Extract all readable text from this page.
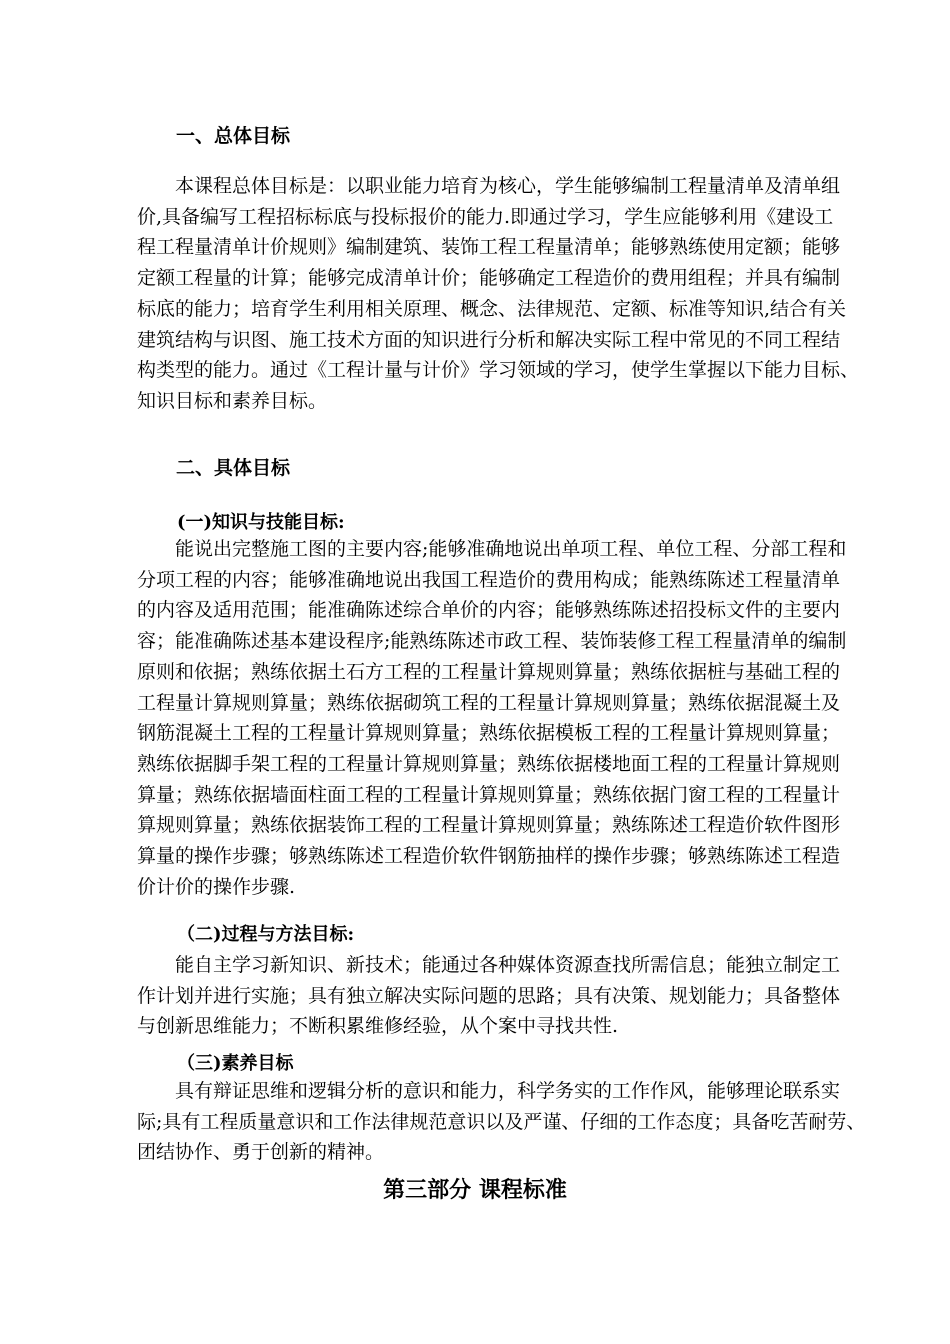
一、总体目标
本课程总体目标是：以职业能力培育为核心，学生能够编制工程量清单及清单组
价,具备编写工程招标标底与投标报价的能力.即通过学习，学生应能够利用《建设工
程工程量清单计价规则》编制建筑、装饰工程工程量清单；能够熟练使用定额；能够
定额工程量的计算；能够完成清单计价；能够确定工程造价的费用组程；并具有编制
标底的能力；培育学生利用相关原理、概念、法律规范、定额、标准等知识,结合有关
建筑结构与识图、施工技术方面的知识进行分析和解决实际工程中常见的不同工程结
构类型的能力。通过《工程计量与计价》学习领域的学习，使学生掌握以下能力目标、
知识目标和素养目标。
二、具体目标
(一)知识与技能目标:
能说出完整施工图的主要内容;能够准确地说出单项工程、单位工程、分部工程和
分项工程的内容；能够准确地说出我国工程造价的费用构成；能熟练陈述工程量清单
的内容及适用范围；能准确陈述综合单价的内容；能够熟练陈述招投标文件的主要内
容；能准确陈述基本建设程序;能熟练陈述市政工程、装饰装修工程工程量清单的编制
原则和依据；熟练依据土石方工程的工程量计算规则算量；熟练依据桩与基础工程的
工程量计算规则算量；熟练依据砌筑工程的工程量计算规则算量；熟练依据混凝土及
钢筋混凝土工程的工程量计算规则算量；熟练依据模板工程的工程量计算规则算量；
熟练依据脚手架工程的工程量计算规则算量；熟练依据楼地面工程的工程量计算规则
算量；熟练依据墙面柱面工程的工程量计算规则算量；熟练依据门窗工程的工程量计
算规则算量；熟练依据装饰工程的工程量计算规则算量；熟练陈述工程造价软件图形
算量的操作步骤；够熟练陈述工程造价软件钢筋抽样的操作步骤；够熟练陈述工程造
价计价的操作步骤.
（二)过程与方法目标:
能自主学习新知识、新技术；能通过各种媒体资源查找所需信息；能独立制定工
作计划并进行实施；具有独立解决实际问题的思路；具有决策、规划能力；具备整体
与创新思维能力；不断积累维修经验，从个案中寻找共性.
（三)素养目标
具有辩证思维和逻辑分析的意识和能力，科学务实的工作作风，能够理论联系实
际;具有工程质量意识和工作法律规范意识以及严谨、仔细的工作态度；具备吃苦耐劳、
团结协作、勇于创新的精神。
第三部分 课程标准
